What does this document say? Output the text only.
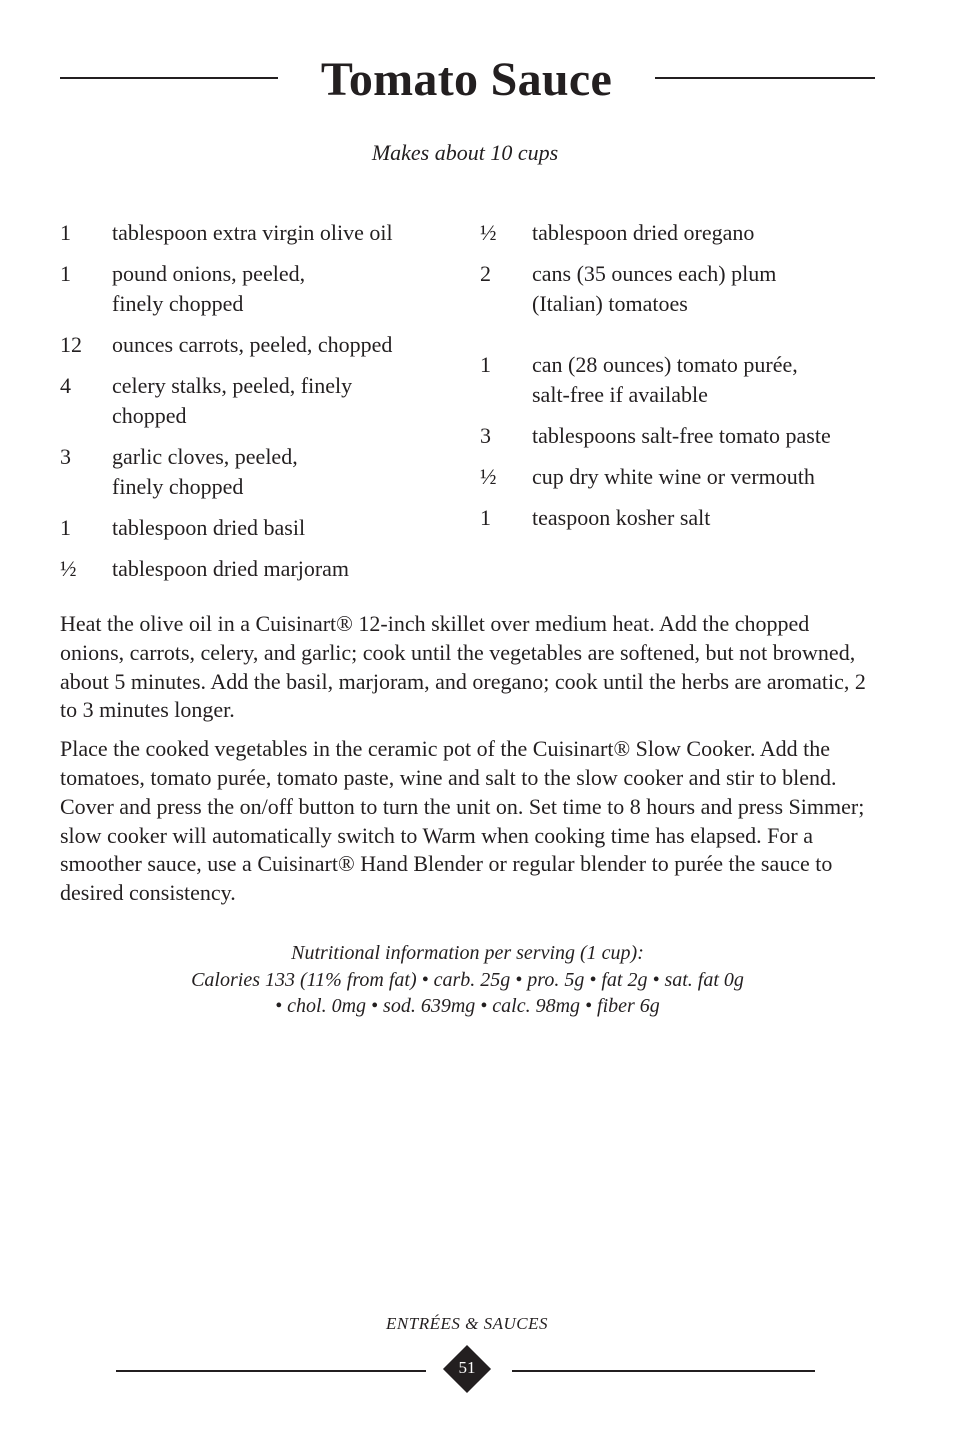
Tomato Sauce
Makes about 10 cups
1	tablespoon extra virgin olive oil
1	pound onions, peeled,
finely chopped
12	ounces carrots, peeled, chopped
4	celery stalks, peeled, finely
chopped
3	garlic cloves, peeled,
finely chopped
1	tablespoon dried basil
½	tablespoon dried marjoram
½	tablespoon dried oregano
2	cans (35 ounces each) plum
(Italian) tomatoes
1	can (28 ounces) tomato purée,
salt-free if available
3	tablespoons salt-free tomato paste
½	cup dry white wine or vermouth
1	teaspoon kosher salt

Heat the olive oil in a Cuisinart® 12-inch skillet over medium heat. Add the chopped onions, carrots, celery, and garlic; cook until the vegetables are softened, but not browned, about 5 minutes. Add the basil, marjoram, and oregano; cook until the herbs are aromatic, 2 to 3 minutes longer.

Place the cooked vegetables in the ceramic pot of the Cuisinart® Slow Cooker. Add the tomatoes, tomato purée, tomato paste, wine and salt to the slow cooker and stir to blend. Cover and press the on/off button to turn the unit on. Set time to 8 hours and press Simmer; slow cooker will automatically switch to Warm when cooking time has elapsed. For a smoother sauce, use a Cuisinart® Hand Blender or regular blender to purée the sauce to desired consistency.

Nutritional information per serving (1 cup):
Calories 133 (11% from fat) • carb. 25g • pro. 5g • fat 2g • sat. fat 0g
• chol. 0mg • sod. 639mg • calc. 98mg • fiber 6g
ENTRÉES & SAUCES
51
